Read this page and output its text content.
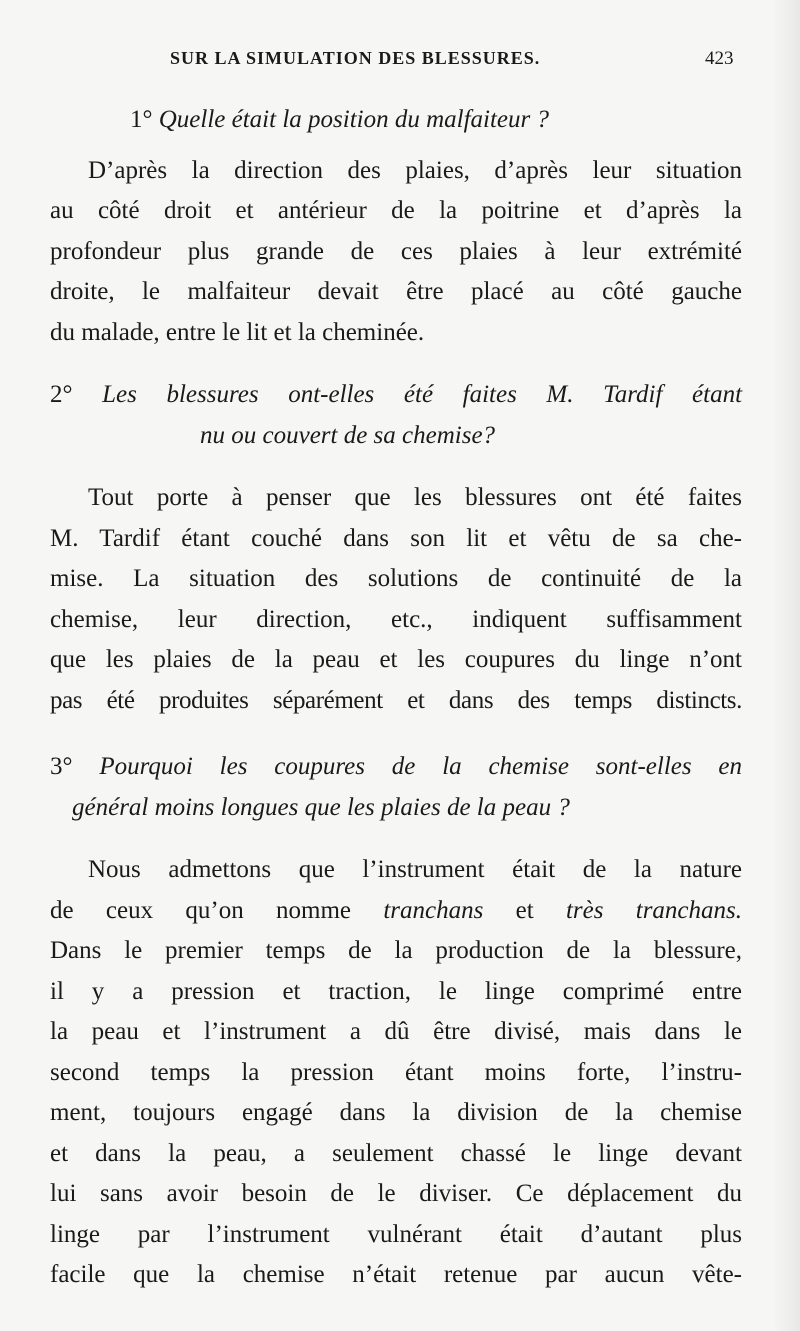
SUR LA SIMULATION DES BLESSURES.	423
1° Quelle était la position du malfaiteur ?
D’après la direction des plaies, d’après leur situation
au côté droit et antérieur de la poitrine et d’après la
profondeur plus grande de ces plaies à leur extrémité
droite, le malfaiteur devait être placé au côté gauche
du malade, entre le lit et la cheminée.
2° Les blessures ont-elles été faites M. Tardif étant
nu ou couvert de sa chemise?
Tout porte à penser que les blessures ont été faites
M. Tardif étant couché dans son lit et vêtu de sa che-
mise. La situation des solutions de continuité de la
chemise, leur direction, etc., indiquent suffisamment
que les plaies de la peau et les coupures du linge n’ont
pas été produites séparément et dans des temps distincts.
3° Pourquoi les coupures de la chemise sont-elles en
général moins longues que les plaies de la peau ?
Nous admettons que l’instrument était de la nature
de ceux qu’on nomme tranchans et très tranchans.
Dans le premier temps de la production de la blessure,
il y a pression et traction, le linge comprimé entre
la peau et l’instrument a dû être divisé, mais dans le
second temps la pression étant moins forte, l’instru-
ment, toujours engagé dans la division de la chemise
et dans la peau, a seulement chassé le linge devant
lui sans avoir besoin de le diviser. Ce déplacement du
linge par l’instrument vulnérant était d’autant plus
facile que la chemise n’était retenue par aucun vête-
